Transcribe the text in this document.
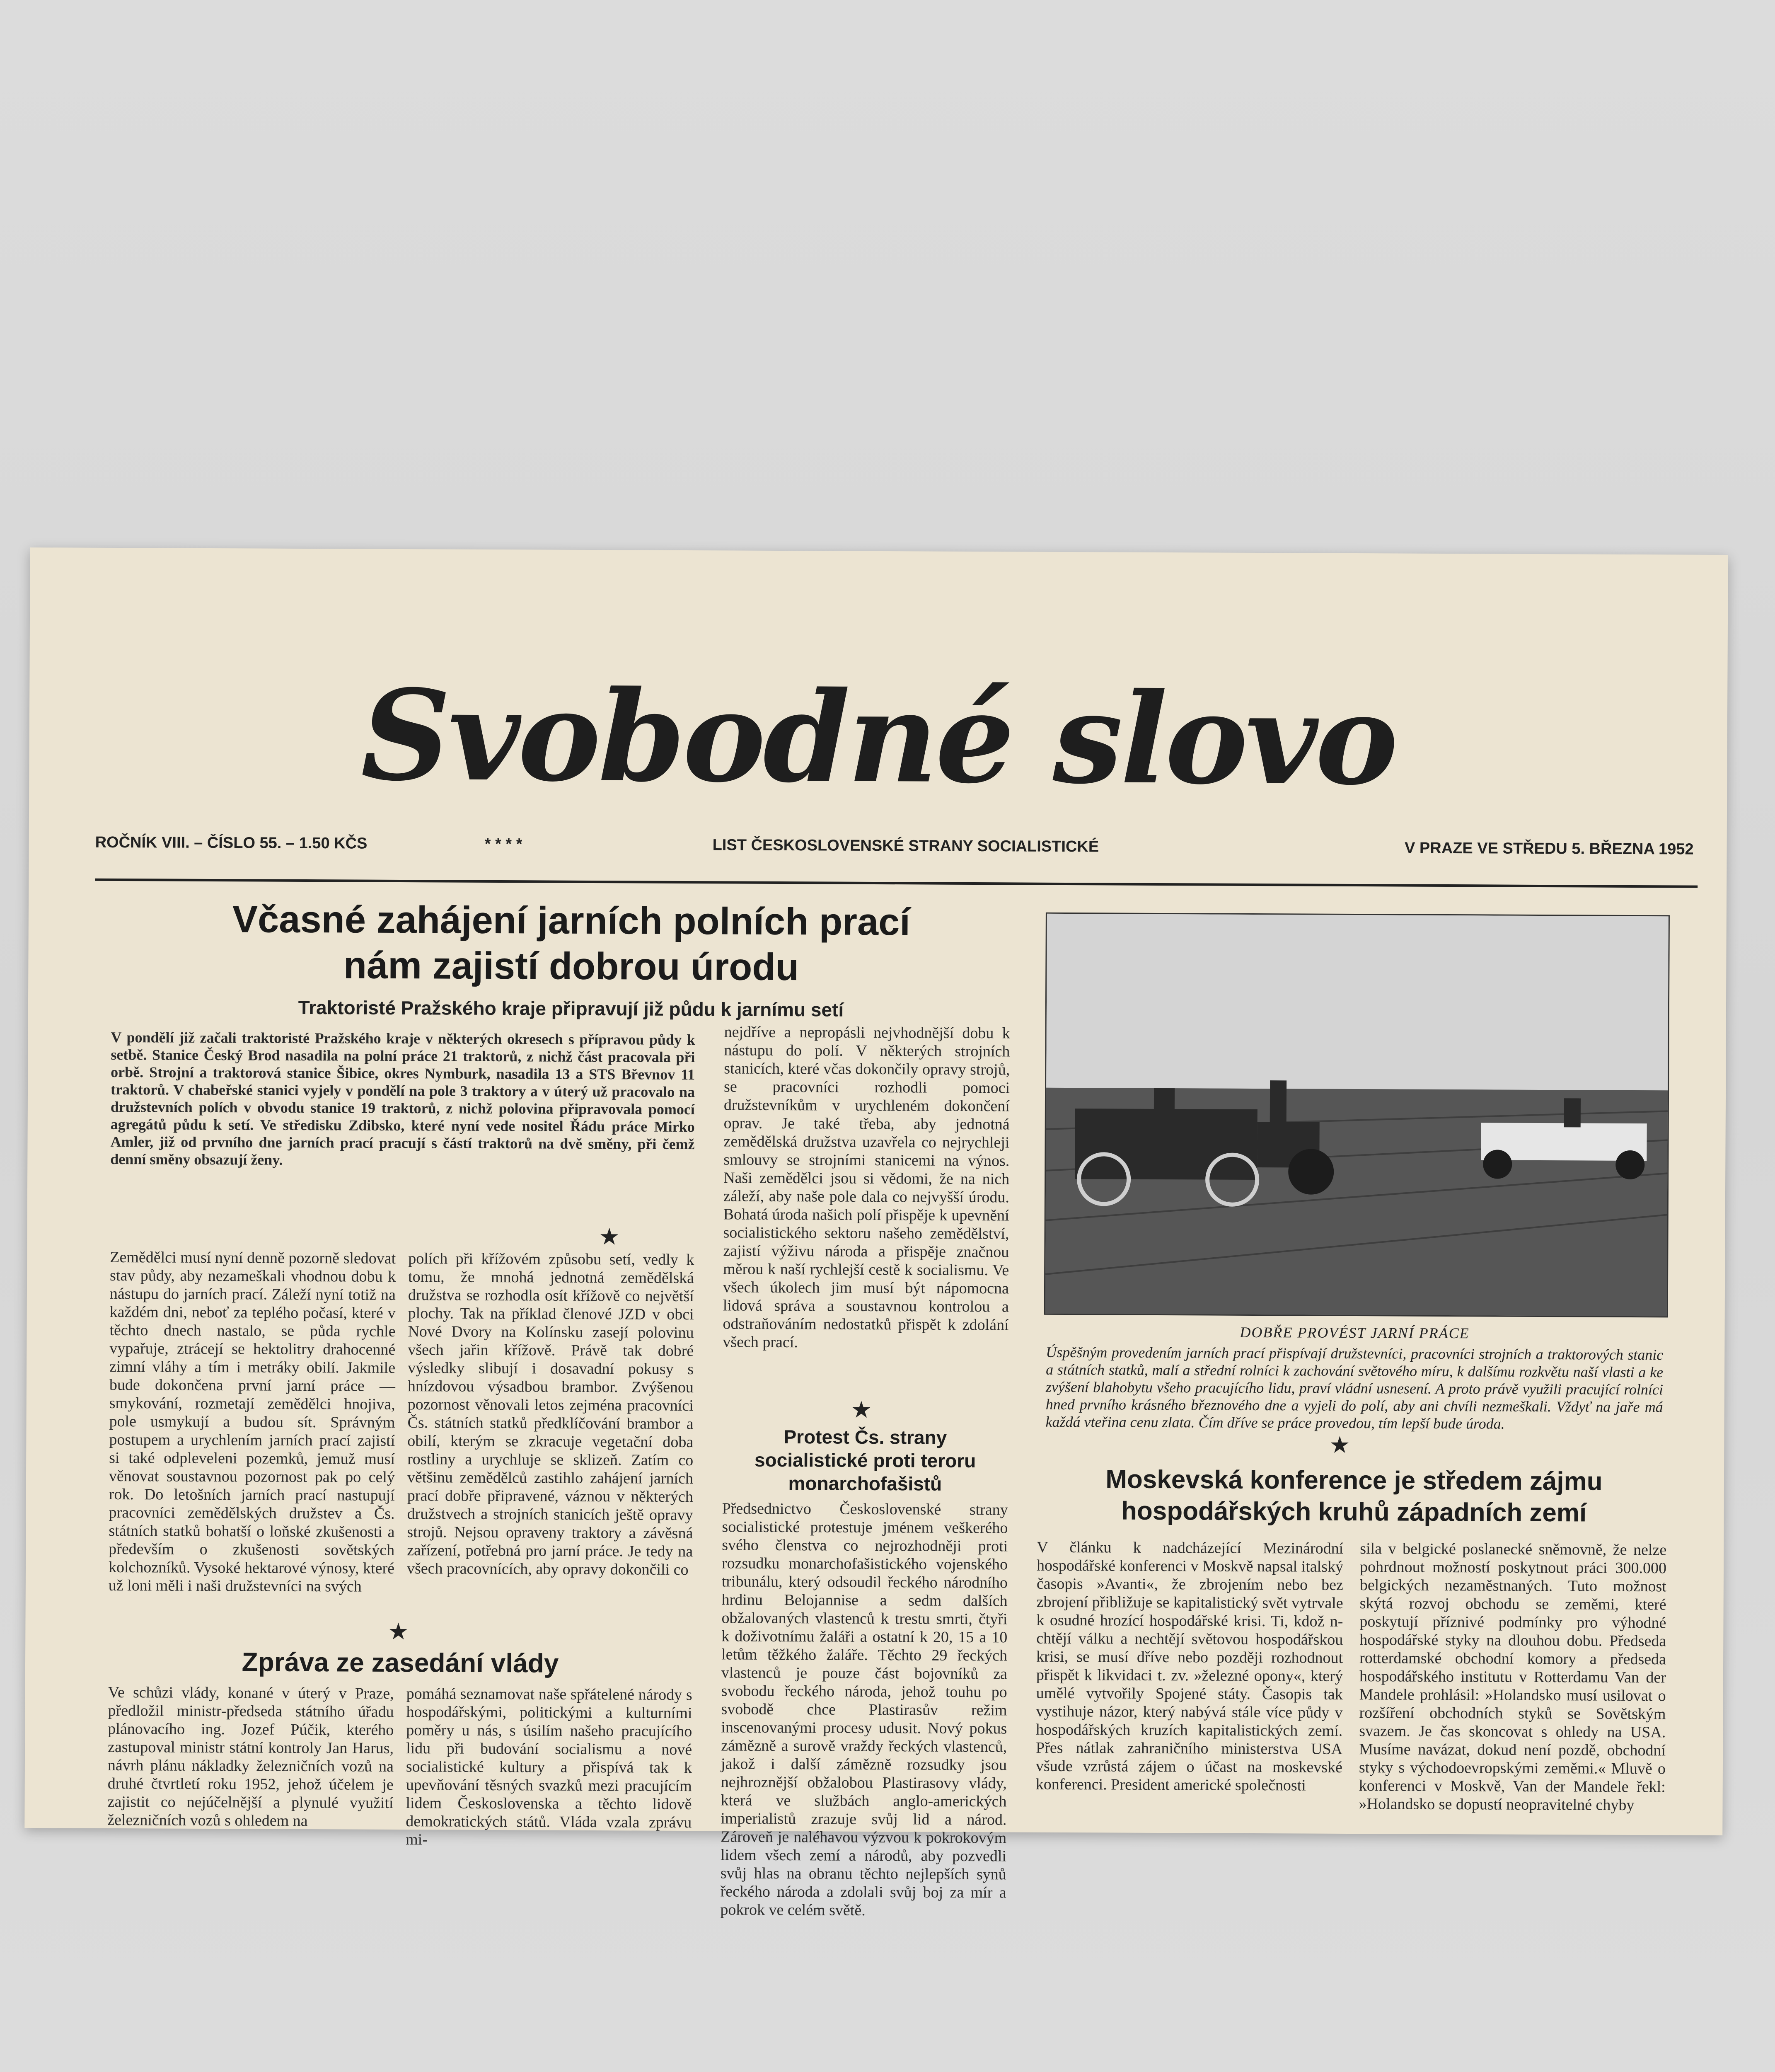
Svobodné slovo
ROČNÍK VIII. – ČÍSLO 55. – 1.50 KČS	* * * *	LIST ČESKOSLOVENSKÉ STRANY SOCIALISTICKÉ	V PRAZE VE STŘEDU 5. BŘEZNA 1952
Včasné zahájení jarních polních prací
nám zajistí dobrou úrodu
Traktoristé Pražského kraje připravují již půdu k jarnímu setí
V pondělí již začali traktoristé Pražského kraje v některých okresech s přípravou půdy k setbě. Stanice Český Brod nasadila na polní práce 21 traktorů, z nichž část pracovala při orbě. Strojní a traktorová stanice Šibice, okres Nymburk, nasadila 13 a STS Břevnov 11 traktorů. V chabeřské stanici vyjely v pondělí na pole 3 traktory a v úterý už pracovalo na družstevních polích v obvodu stanice 19 traktorů, z nichž polovina připravovala pomocí agregátů půdu k setí. Ve středisku Zdibsko, které nyní vede nositel Řádu práce Mirko Amler, již od prvního dne jarních prací pracují s částí traktorů na dvě směny, při čemž denní směny obsazují ženy.
★
Zemědělci musí nyní denně pozorně sledovat stav půdy, aby nezameškali vhodnou dobu k nástupu do jarních prací. Záleží nyní totiž na každém dni, neboť za teplého počasí, které v těchto dnech nastalo, se půda rychle vypařuje, ztrácejí se hektolitry drahocenné zimní vláhy a tím i metráky obilí. Jakmile bude dokončena první jarní práce — smykování, rozmetají zemědělci hnojiva, pole usmykují a budou sít. Správným postupem a urychlením jarních prací zajistí si také odpleveleni pozemků, jemuž musí věnovat soustavnou pozornost pak po celý rok. Do letošních jarních prací nastupují pracovníci zemědělských družstev a Čs. státních statků bohatší o loňské zkušenosti a především o zkušenosti sovětských kolchozníků. Vysoké hektarové výnosy, které už loni měli i naši družstevníci na svých
polích při křížovém způsobu setí, vedly k tomu, že mnohá jednotná zemědělská družstva se rozhodla osít křížově co největší plochy. Tak na příklad členové JZD v obci Nové Dvory na Kolínsku zasejí polovinu všech jařin křížově. Právě tak dobré výsledky slibují i dosavadní pokusy s hnízdovou výsadbou brambor. Zvýšenou pozornost věnovali letos zejména pracovníci Čs. státních statků předklíčování brambor a obilí, kterým se zkracuje vegetační doba rostliny a urychluje se sklizeň. Zatím co většinu zemědělců zastihlo zahájení jarních prací dobře připravené, váznou v některých družstvech a strojních stanicích ještě opravy strojů. Nejsou opraveny traktory a závěsná zařízení, potřebná pro jarní práce. Je tedy na všech pracovnících, aby opravy dokončili co
nejdříve a nepropásli nejvhodnější dobu k nástupu do polí. V některých strojních stanicích, které včas dokončily opravy strojů, se pracovníci rozhodli pomoci družstevníkům v urychleném dokončení oprav. Je také třeba, aby jednotná zemědělská družstva uzavřela co nejrychleji smlouvy se strojními stanicemi na výnos. Naši zemědělci jsou si vědomi, že na nich záleží, aby naše pole dala co nejvyšší úrodu. Bohatá úroda našich polí přispěje k upevnění socialistického sektoru našeho zemědělství, zajistí výživu národa a přispěje značnou měrou k naší rychlejší cestě k socialismu. Ve všech úkolech jim musí být nápomocna lidová správa a soustavnou kontrolou a odstraňováním nedostatků přispět k zdolání všech prací.
DOBŘE PROVÉST JARNÍ PRÁCE
Úspěšným provedením jarních prací přispívají družstevníci, pracovníci strojních a traktorových stanic a státních statků, malí a střední rolníci k zachování světového míru, k dalšímu rozkvětu naší vlasti a ke zvýšení blahobytu všeho pracujícího lidu, praví vládní usnesení. A proto právě využili pracující rolníci hned prvního krásného březnového dne a vyjeli do polí, aby ani chvíli nezmeškali. Vždyť na jaře má každá vteřina cenu zlata. Čím dříve se práce provedou, tím lepší bude úroda.
★
★
Zpráva ze zasedání vlády
Ve schůzi vlády, konané v úterý v Praze, předložil ministr-předseda státního úřadu plánovacího ing. Jozef Púčik, kterého zastupoval ministr státní kontroly Jan Harus, návrh plánu nákladky železničních vozů na druhé čtvrtletí roku 1952, jehož účelem je zajistit co nejúčelnější a plynulé využití železničních vozů s ohledem na
pomáhá seznamovat naše spřátelené národy s hospodářskými, politickými a kulturními poměry u nás, s úsilím našeho pracujícího lidu při budování socialismu a nové socialistické kultury a přispívá tak k upevňování těsných svazků mezi pracujícím lidem Československa a těchto lidově demokratických států. Vláda vzala zprávu mi-
★
Protest Čs. strany
socialistické proti teroru
monarchofašistů
Předsednictvo Československé strany socialistické protestuje jménem veškerého svého členstva co nejrozhodněji proti rozsudku monarchofašistického vojenského tribunálu, který odsoudil řeckého národního hrdinu Belojannise a sedm dalších obžalovaných vlastenců k trestu smrti, čtyři k doživotnímu žaláři a ostatní k 20, 15 a 10 letům těžkého žaláře. Těchto 29 řeckých vlastenců je pouze část bojovníků za svobodu řeckého národa, jehož touhu po svobodě chce Plastirasův režim inscenovanými procesy udusit. Nový pokus zámězně a surově vraždy řeckých vlastenců, jakož i další zámězně rozsudky jsou nejhroznější obžalobou Plastirasovy vlády, která ve službách anglo-amerických imperialistů zrazuje svůj lid a národ. Zároveň je naléhavou výzvou k pokrokovým lidem všech zemí a národů, aby pozvedli svůj hlas na obranu těchto nejlepších synů řeckého národa a zdolali svůj boj za mír a pokrok ve celém světě.
Moskevská konference je středem zájmu
hospodářských kruhů západních zemí
V článku k nadcházející Mezinárodní hospodářské konferenci v Moskvě napsal italský časopis »Avanti«, že zbrojením nebo bez zbrojení přibližuje se kapitalistický svět vytrvale k osudné hrozící hospodářské krisi. Ti, kdož n-chtějí válku a nechtějí světovou hospodářskou krisi, se musí dříve nebo později rozhodnout přispět k likvidaci t. zv. »železné opony«, který umělé vytvořily Spojené státy. Časopis tak vystihuje názor, který nabývá stále více půdy v hospodářských kruzích kapitalistických zemí. Přes nátlak zahraničního ministerstva USA všude vzrůstá zájem o účast na moskevské konferenci. President americké společnosti
sila v belgické poslanecké sněmovně, že nelze pohrdnout možností poskytnout práci 300.000 belgických nezaměstnaných. Tuto možnost skýtá rozvoj obchodu se zeměmi, které poskytují příznivé podmínky pro výhodné hospodářské styky na dlouhou dobu. Předseda rotterdamské obchodní komory a předseda hospodářského institutu v Rotterdamu Van der Mandele prohlásil: »Holandsko musí usilovat o rozšíření obchodních styků se Sovětským svazem. Je čas skoncovat s ohledy na USA. Musíme navázat, dokud není pozdě, obchodní styky s východoevropskými zeměmi.« Mluvě o konferenci v Moskvě, Van der Mandele řekl: »Holandsko se dopustí neopravitelné chyby
